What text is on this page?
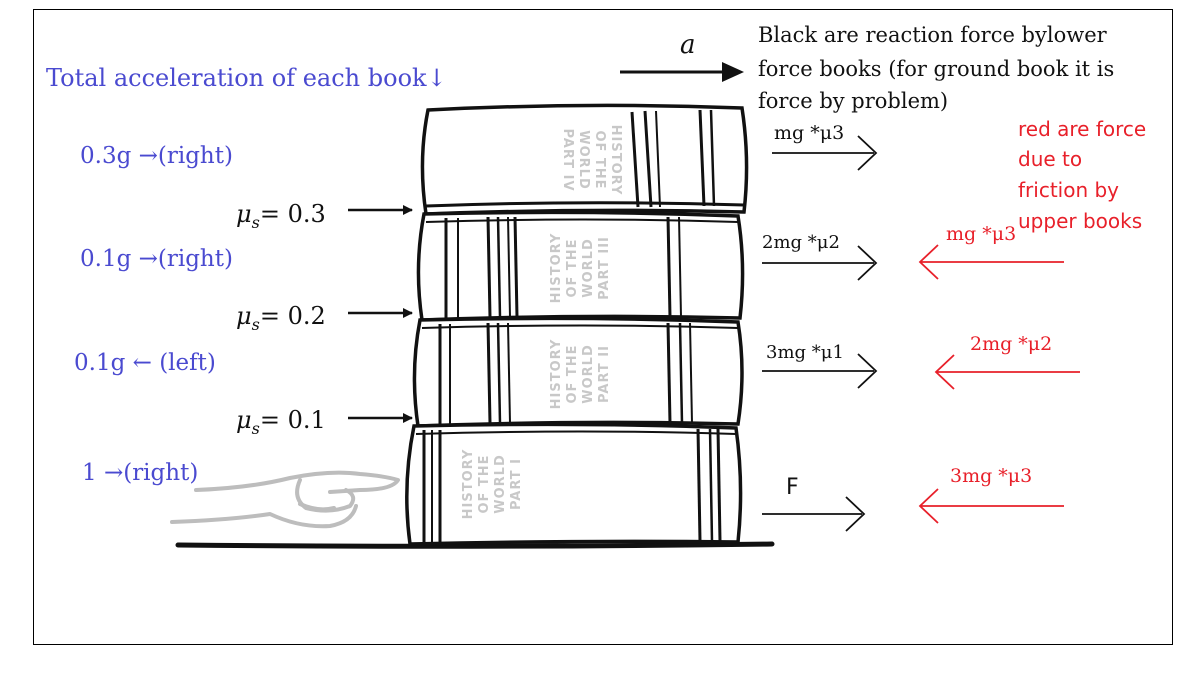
Total acceleration of each book↓
a	Black are reaction force bylower
force books (for ground book it is
force by problem)
red are force
due to
friction by
upper books
0.3g →(right)
0.1g →(right)
0.1g ← (left)
1 →(right)
$\mu_s= 0.3$
$\mu_s= 0.2$
$\mu_s= 0.1$
HISTORY
OF THE
WORLD
PART IV
HISTORY OF THE WORLD PART III
HISTORY OF THE WORLD PART II
HISTORY OF THE WORLD PART I
mg *μ3
2mg *μ2
3mg *μ1
F
mg *μ3
2mg *μ2
3mg *μ3
